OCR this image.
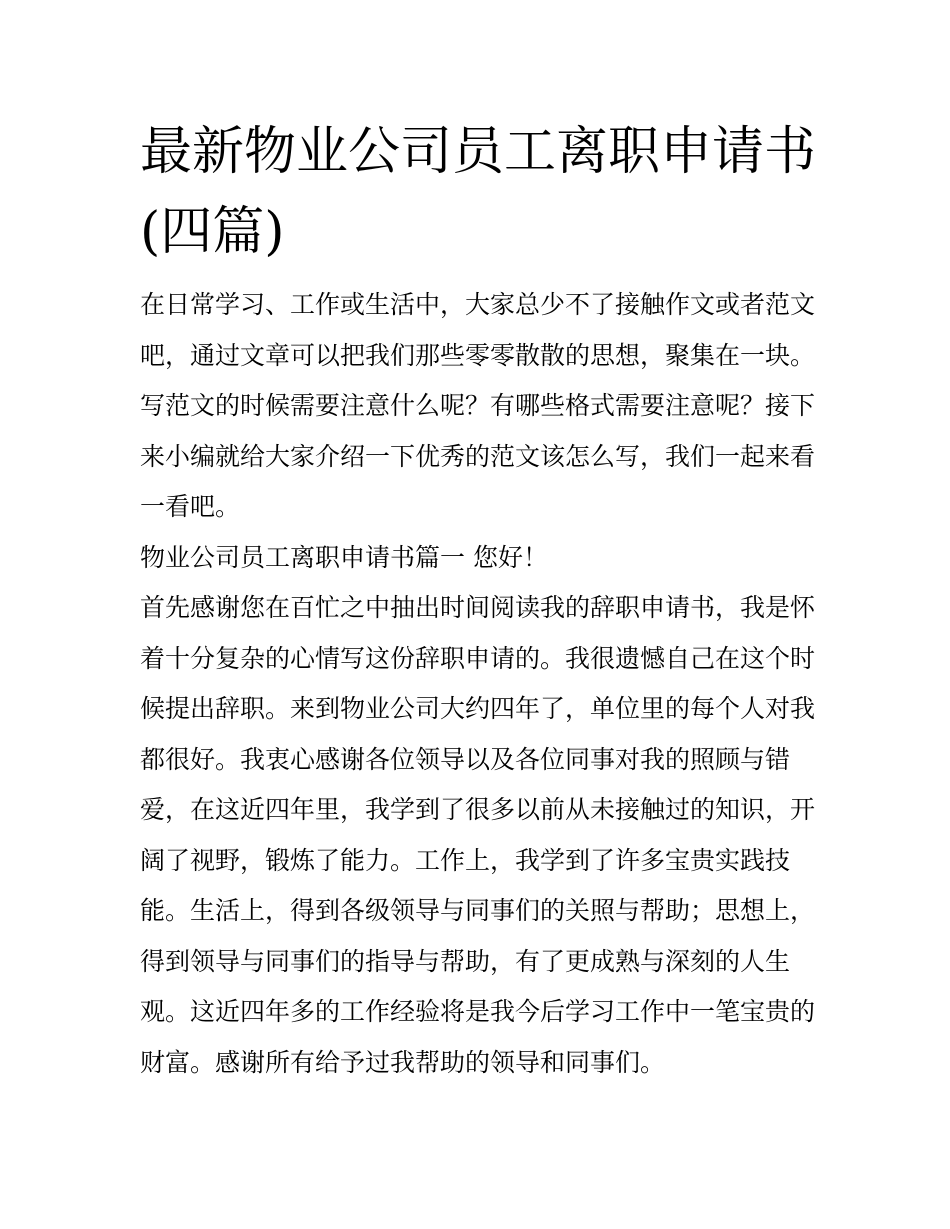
最新物业公司员工离职申请书(四篇)

在日常学习、工作或生活中，大家总少不了接触作文或者范文吧，通过文章可以把我们那些零零散散的思想，聚集在一块。写范文的时候需要注意什么呢？有哪些格式需要注意呢？接下来小编就给大家介绍一下优秀的范文该怎么写，我们一起来看一看吧。

物业公司员工离职申请书篇一 您好！

首先感谢您在百忙之中抽出时间阅读我的辞职申请书，我是怀着十分复杂的心情写这份辞职申请的。我很遗憾自己在这个时候提出辞职。来到物业公司大约四年了，单位里的每个人对我都很好。我衷心感谢各位领导以及各位同事对我的照顾与错爱，在这近四年里，我学到了很多以前从未接触过的知识，开阔了视野，锻炼了能力。工作上，我学到了许多宝贵实践技能。生活上，得到各级领导与同事们的关照与帮助；思想上，得到领导与同事们的指导与帮助，有了更成熟与深刻的人生观。这近四年多的工作经验将是我今后学习工作中一笔宝贵的财富。感谢所有给予过我帮助的领导和同事们。
